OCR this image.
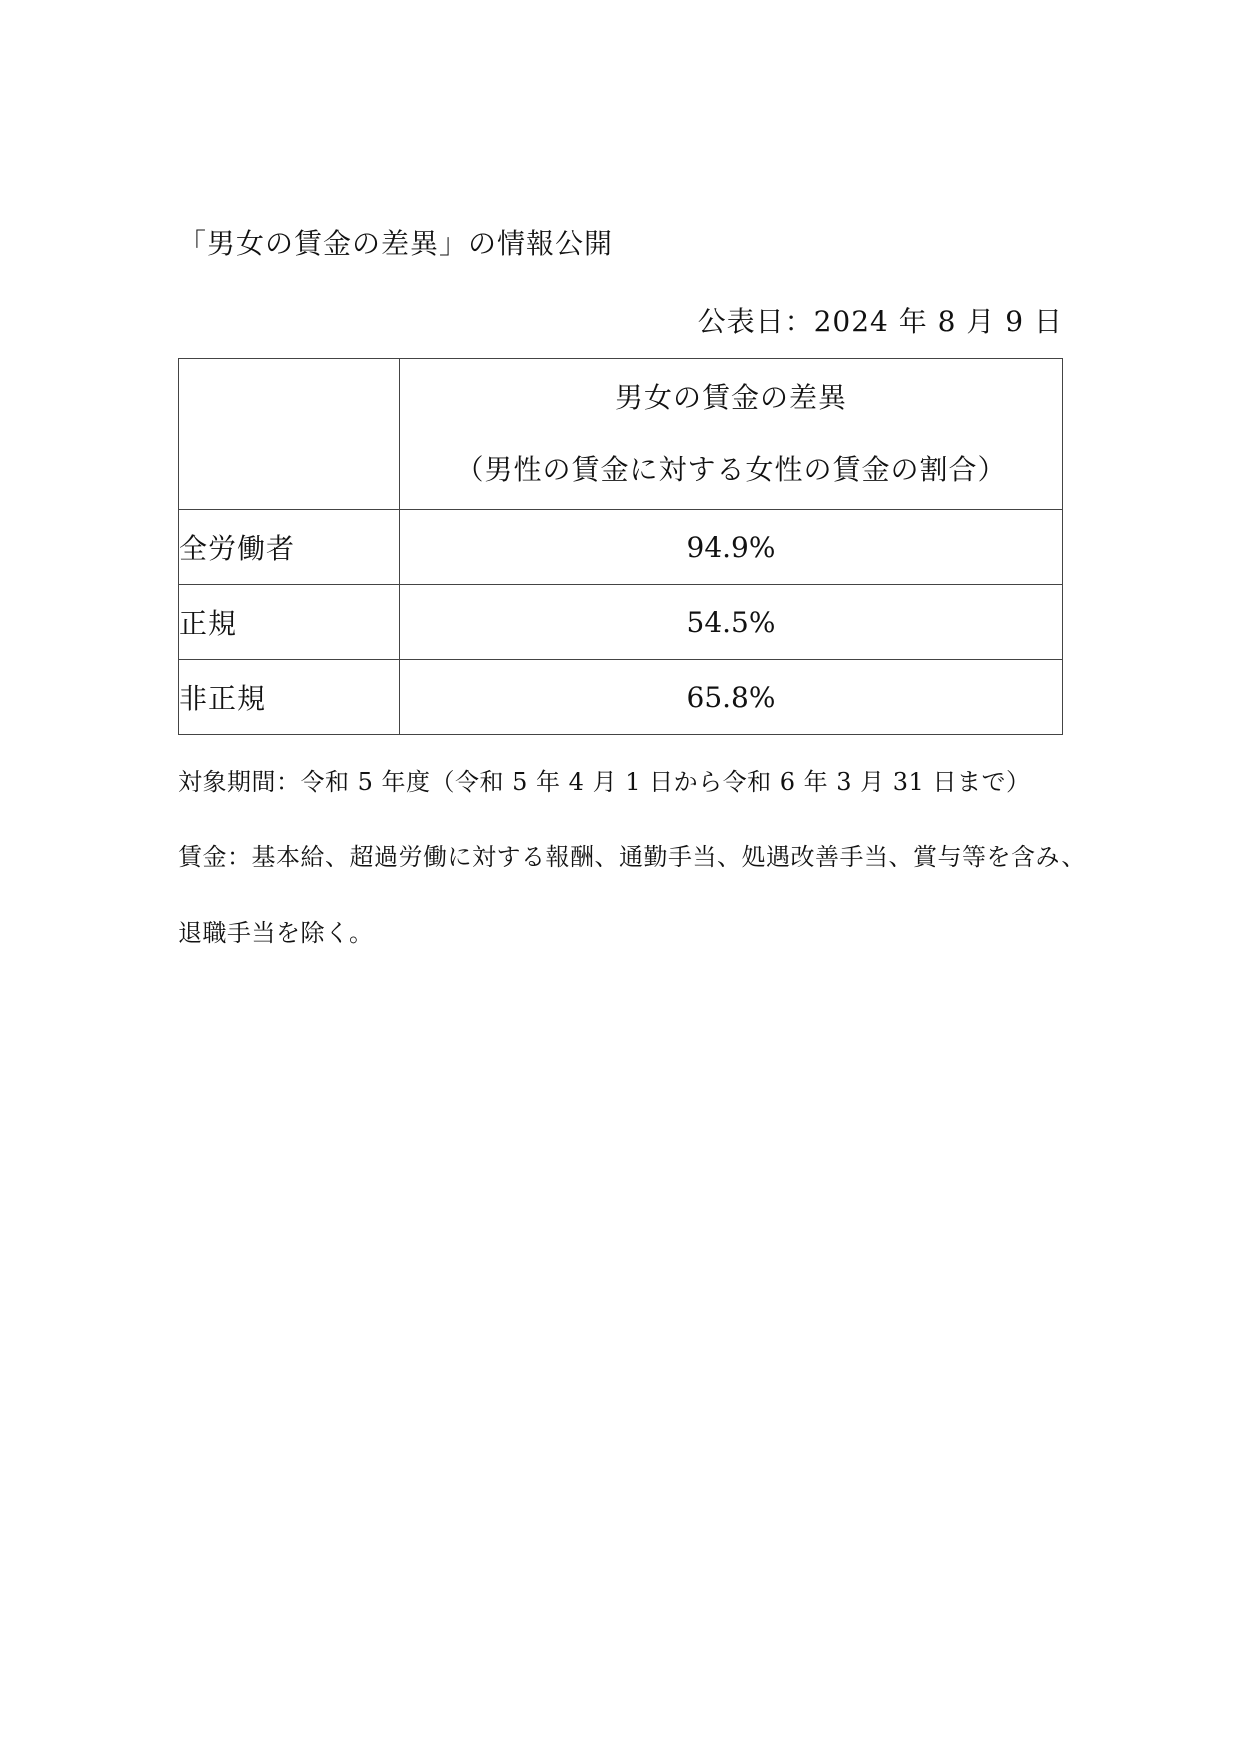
「男女の賃金の差異」の情報公開
公表日：2024 年 8 月 9 日

	男女の賃金の差異
（男性の賃金に対する女性の賃金の割合）

全労働者	94.9%
正規	54.5%
非正規	65.8%
対象期間：令和 5 年度（令和 5 年 4 月 1 日から令和 6 年 3 月 31 日まで）
賃金：基本給、超過労働に対する報酬、通勤手当、処遇改善手当、賞与等を含み、
退職手当を除く。
